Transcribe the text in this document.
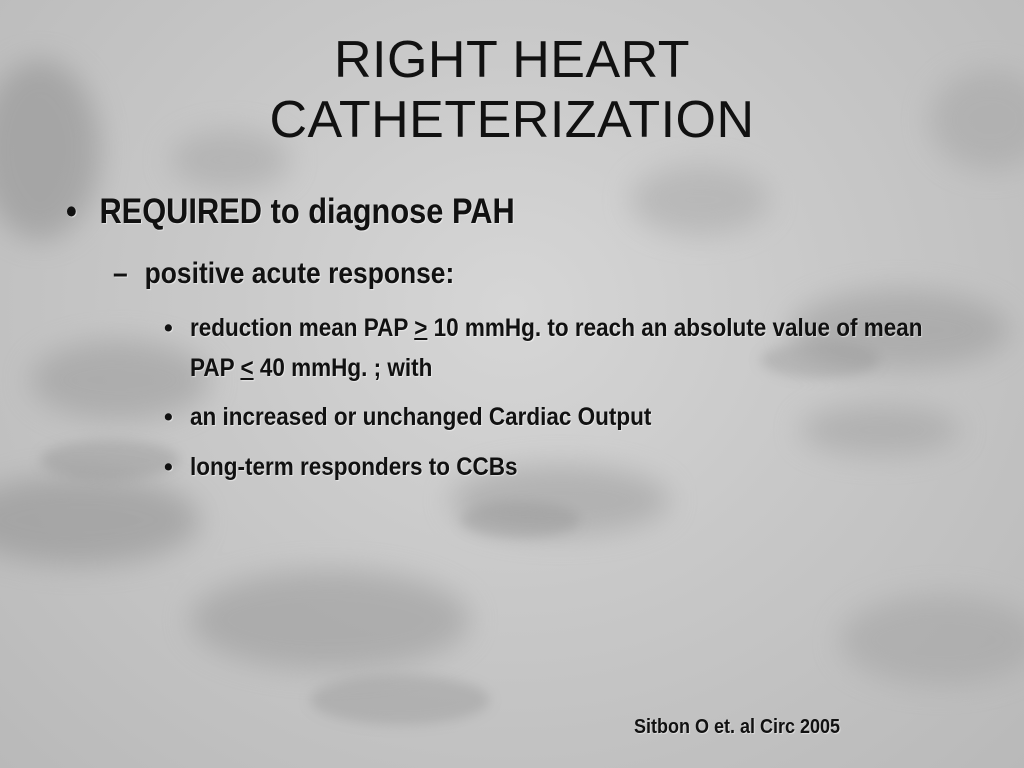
RIGHT HEART
CATHETERIZATION
• REQUIRED to diagnose PAH
– positive acute response:
• reduction mean PAP ≥ 10 mmHg. to reach an absolute value of mean PAP ≤ 40 mmHg. ; with
• an increased or unchanged Cardiac Output
• long-term responders to CCBs
Sitbon O et. al Circ 2005
